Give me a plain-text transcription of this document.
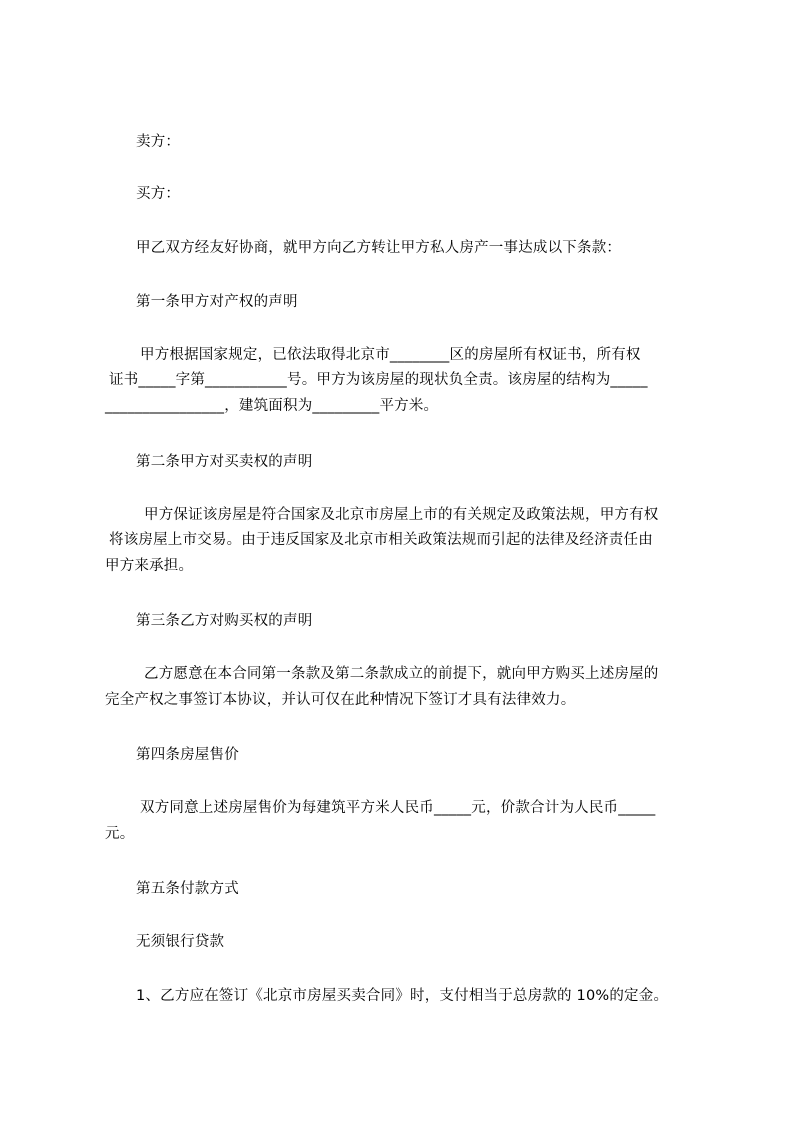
卖方：
买方：
甲乙双方经友好协商，就甲方向乙方转让甲方私人房产一事达成以下条款：
第一条甲方对产权的声明
甲方根据国家规定，已依法取得北京市________区的房屋所有权证书，所有权
证书_____字第___________号。甲方为该房屋的现状负全责。该房屋的结构为_____
________________，建筑面积为_________平方米。
第二条甲方对买卖权的声明
甲方保证该房屋是符合国家及北京市房屋上市的有关规定及政策法规，甲方有权
将该房屋上市交易。由于违反国家及北京市相关政策法规而引起的法律及经济责任由
甲方来承担。
第三条乙方对购买权的声明
乙方愿意在本合同第一条款及第二条款成立的前提下，就向甲方购买上述房屋的
完全产权之事签订本协议，并认可仅在此种情况下签订才具有法律效力。
第四条房屋售价
双方同意上述房屋售价为每建筑平方米人民币_____元，价款合计为人民币_____
元。
第五条付款方式
无须银行贷款
1、乙方应在签订《北京市房屋买卖合同》时，支付相当于总房款的 10%的定金。
